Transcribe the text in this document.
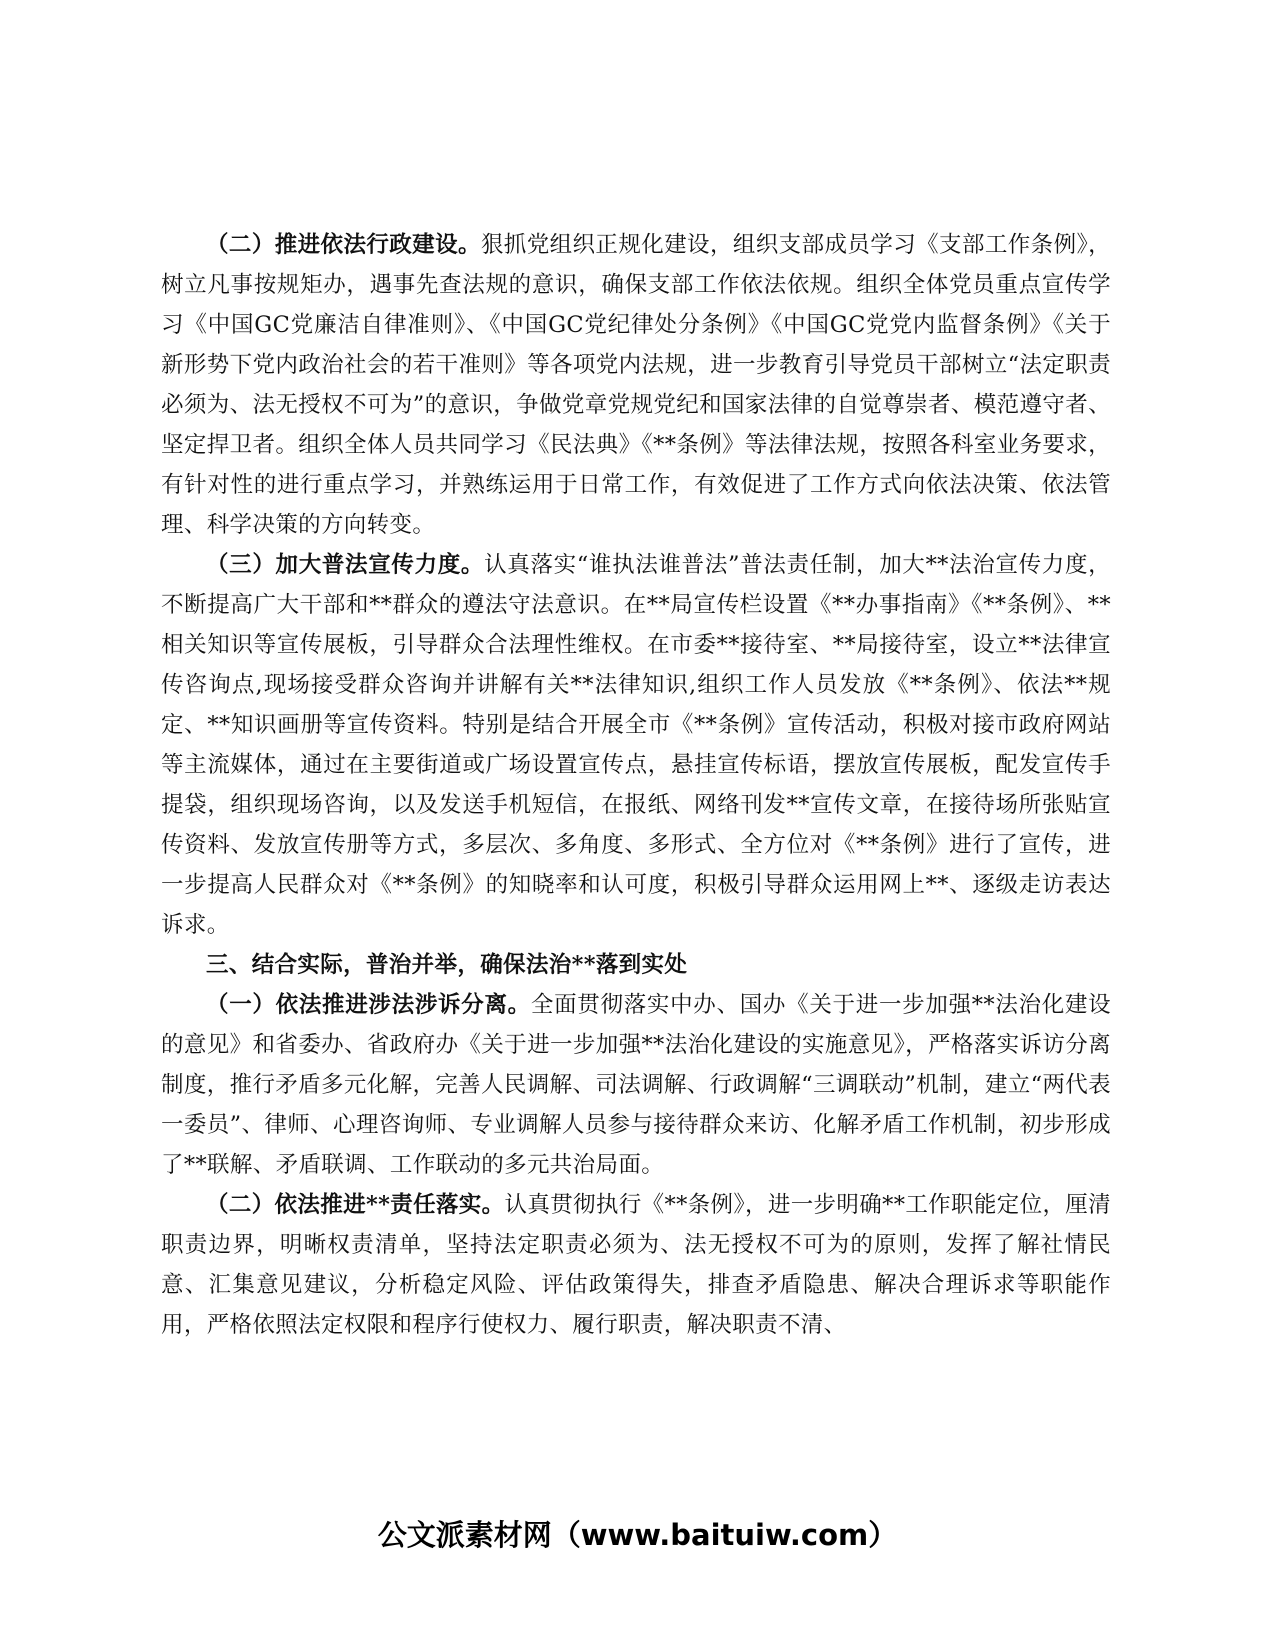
（二）推进依法行政建设。狠抓党组织正规化建设，组织支部成员学习《支部工作条例》，树立凡事按规矩办，遇事先查法规的意识，确保支部工作依法依规。组织全体党员重点宣传学习《中国GC党廉洁自律准则》、《中国GC党纪律处分条例》《中国GC党党内监督条例》《关于新形势下党内政治社会的若干准则》等各项党内法规，进一步教育引导党员干部树立“法定职责必须为、法无授权不可为”的意识，争做党章党规党纪和国家法律的自觉尊崇者、模范遵守者、坚定捍卫者。组织全体人员共同学习《民法典》《**条例》等法律法规，按照各科室业务要求，有针对性的进行重点学习，并熟练运用于日常工作，有效促进了工作方式向依法决策、依法管理、科学决策的方向转变。

（三）加大普法宣传力度。认真落实“谁执法谁普法”普法责任制，加大**法治宣传力度，不断提高广大干部和**群众的遵法守法意识。在**局宣传栏设置《**办事指南》《**条例》、**相关知识等宣传展板，引导群众合法理性维权。在市委**接待室、**局接待室，设立**法律宣传咨询点,现场接受群众咨询并讲解有关**法律知识,组织工作人员发放《**条例》、依法**规定、**知识画册等宣传资料。特别是结合开展全市《**条例》宣传活动，积极对接市政府网站等主流媒体，通过在主要街道或广场设置宣传点，悬挂宣传标语，摆放宣传展板，配发宣传手提袋，组织现场咨询，以及发送手机短信，在报纸、网络刊发**宣传文章，在接待场所张贴宣传资料、发放宣传册等方式，多层次、多角度、多形式、全方位对《**条例》进行了宣传，进一步提高人民群众对《**条例》的知晓率和认可度，积极引导群众运用网上**、逐级走访表达诉求。

三、结合实际，普治并举，确保法治**落到实处

（一）依法推进涉法涉诉分离。全面贯彻落实中办、国办《关于进一步加强**法治化建设的意见》和省委办、省政府办《关于进一步加强**法治化建设的实施意见》，严格落实诉访分离制度，推行矛盾多元化解，完善人民调解、司法调解、行政调解“三调联动”机制，建立“两代表一委员”、律师、心理咨询师、专业调解人员参与接待群众来访、化解矛盾工作机制，初步形成了**联解、矛盾联调、工作联动的多元共治局面。

（二）依法推进**责任落实。认真贯彻执行《**条例》，进一步明确**工作职能定位，厘清职责边界，明晰权责清单，坚持法定职责必须为、法无授权不可为的原则，发挥了解社情民意、汇集意见建议，分析稳定风险、评估政策得失，排查矛盾隐患、解决合理诉求等职能作用，严格依照法定权限和程序行使权力、履行职责，解决职责不清、

公文派素材网（www.baituiw.com）
